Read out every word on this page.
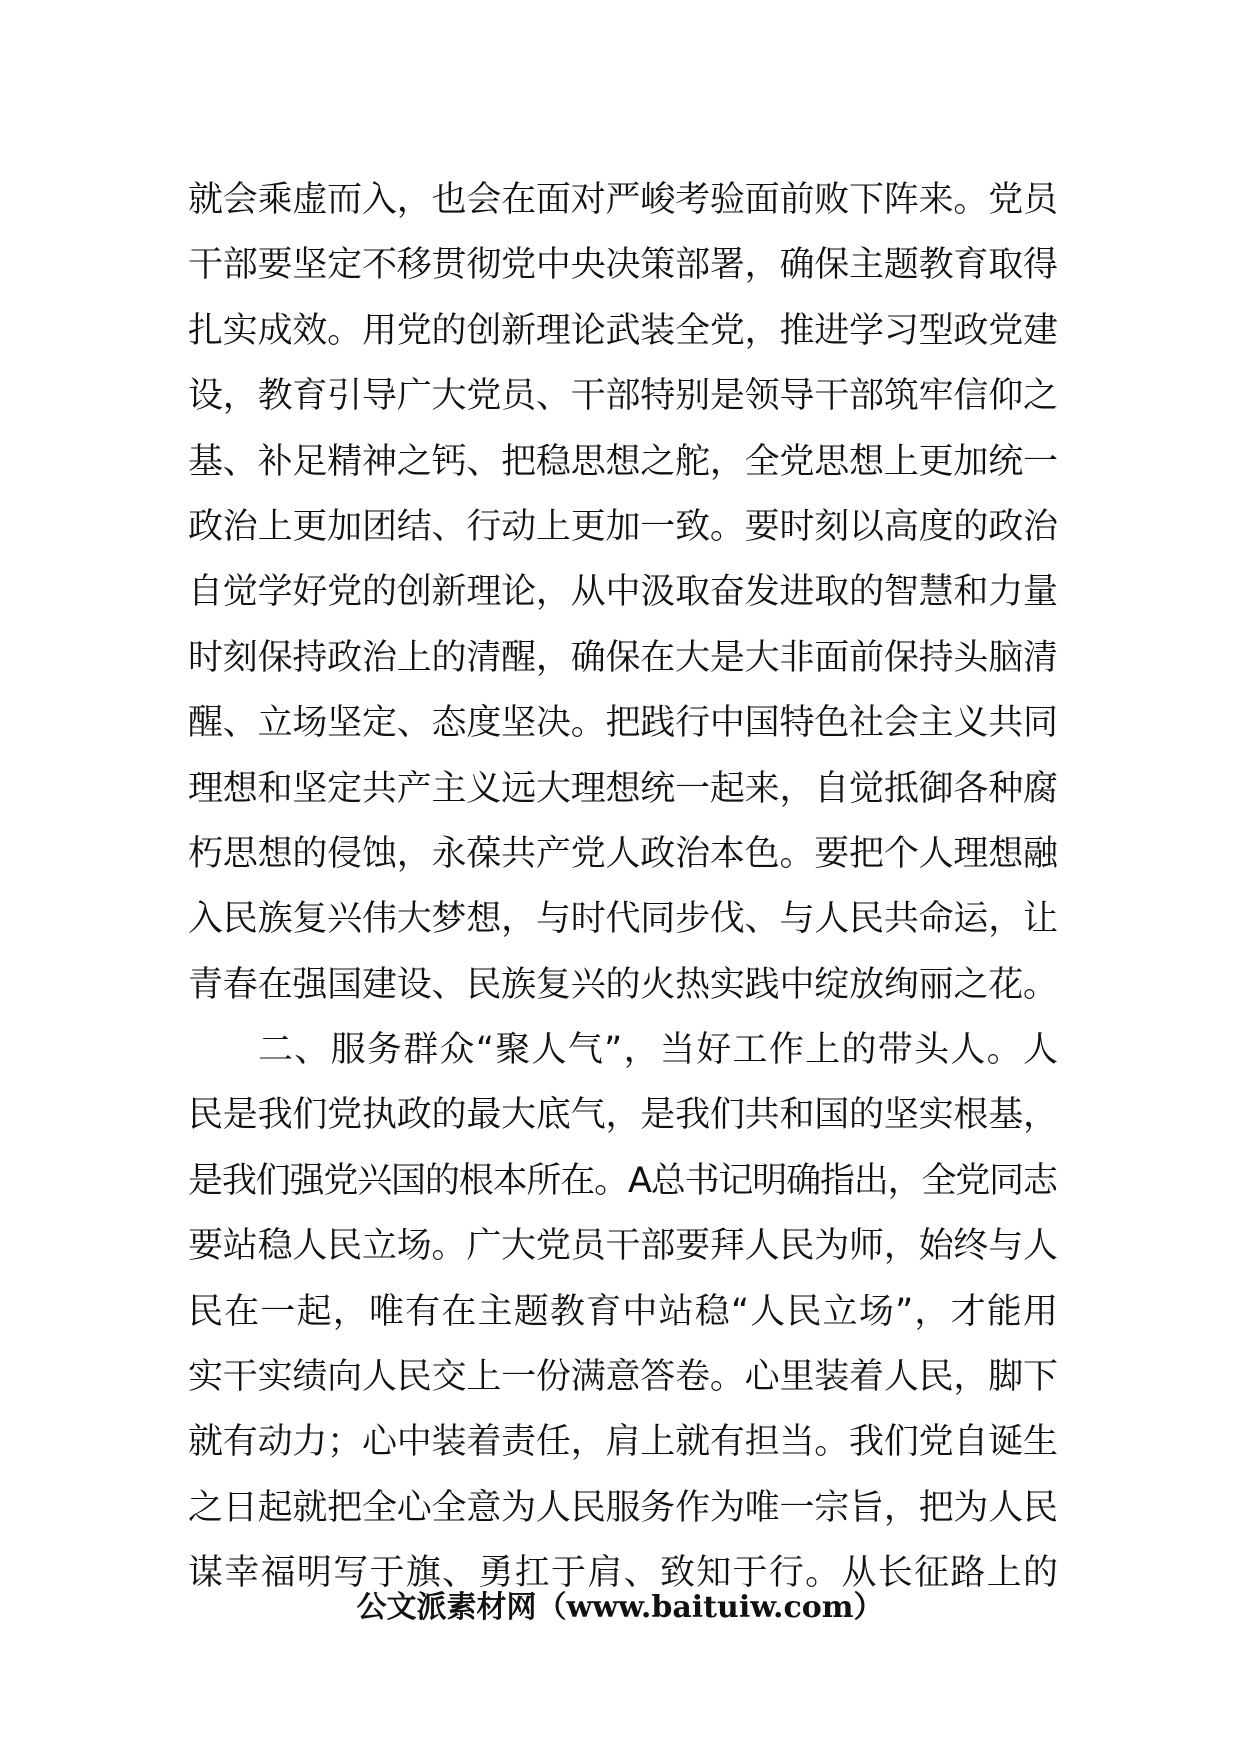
就会乘虚而入，也会在面对严峻考验面前败下阵来。党员
干部要坚定不移贯彻党中央决策部署，确保主题教育取得
扎实成效。用党的创新理论武装全党，推进学习型政党建
设，教育引导广大党员、干部特别是领导干部筑牢信仰之
基、补足精神之钙、把稳思想之舵，全党思想上更加统一
政治上更加团结、行动上更加一致。要时刻以高度的政治
自觉学好党的创新理论，从中汲取奋发进取的智慧和力量
时刻保持政治上的清醒，确保在大是大非面前保持头脑清
醒、立场坚定、态度坚决。把践行中国特色社会主义共同
理想和坚定共产主义远大理想统一起来，自觉抵御各种腐
朽思想的侵蚀，永葆共产党人政治本色。要把个人理想融
入民族复兴伟大梦想，与时代同步伐、与人民共命运，让
青春在强国建设、民族复兴的火热实践中绽放绚丽之花。
二、服务群众“聚人气”，当好工作上的带头人。人
民是我们党执政的最大底气，是我们共和国的坚实根基，
是我们强党兴国的根本所在。A总书记明确指出，全党同志
要站稳人民立场。广大党员干部要拜人民为师，始终与人
民在一起，唯有在主题教育中站稳“人民立场”，才能用
实干实绩向人民交上一份满意答卷。心里装着人民，脚下
就有动力；心中装着责任，肩上就有担当。我们党自诞生
之日起就把全心全意为人民服务作为唯一宗旨，把为人民
谋幸福明写于旗、勇扛于肩、致知于行。从长征路上的
公文派素材网（www.baituiw.com）
